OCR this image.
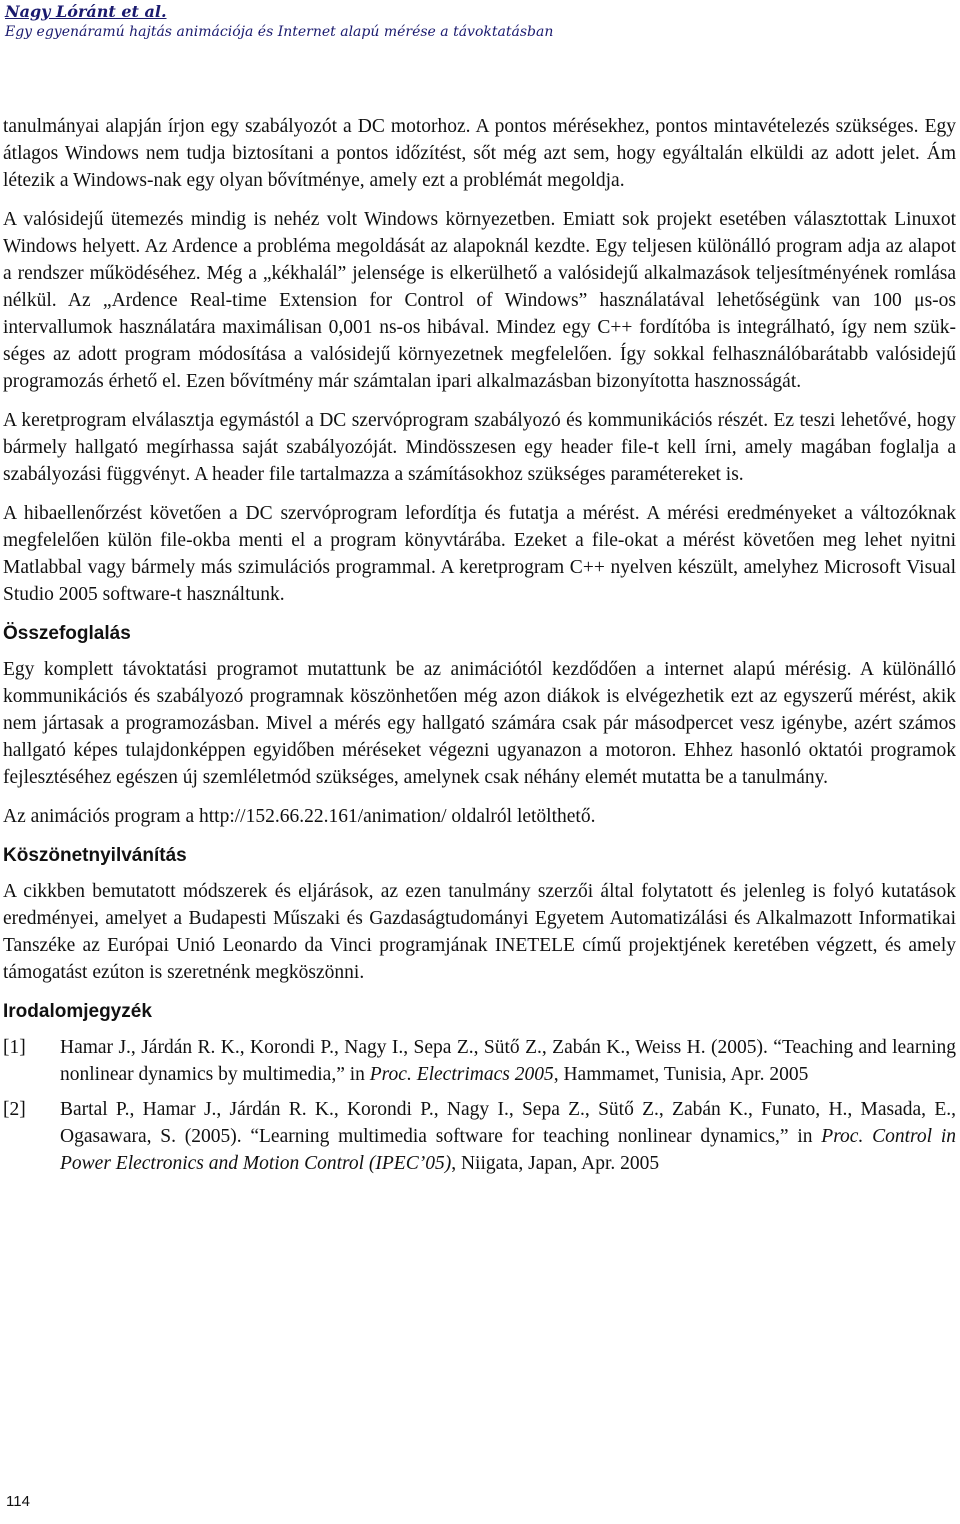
Nagy Lóránt et al.
Egy egyenáramú hajtás animációja és Internet alapú mérése a távoktatásban

tanulmányai alapján írjon egy szabályozót a DC motorhoz. A pontos mérésekhez, pontos mintavételezés szükséges. Egy átlagos Windows nem tudja biztosítani a pontos időzítést, sőt még azt sem, hogy egyáltalán elküldi az adott jelet. Ám létezik a Windows-nak egy olyan bővítménye, amely ezt a problémát megoldja.

A valósidejű ütemezés mindig is nehéz volt Windows környezetben. Emiatt sok projekt esetében választottak Linuxot Windows helyett. Az Ardence a probléma megoldását az alapoknál kezdte. Egy teljesen különálló program adja az alapot a rendszer működéséhez. Még a „kékhalál” jelensége is elkerülhető a valósidejű alkalmazások teljesítményének romlása nélkül. Az „Ardence Real-time Extension for Control of Windows” használatával lehetőségünk van 100 μs-os intervallumok használatára maximálisan 0,001 ns-os hibával. Mindez egy C++ fordítóba is integrálható, így nem szükséges az adott program módosítása a valósidejű környezetnek megfelelően. Így sokkal felhasználóbarátabb valósidejű programozás érhető el. Ezen bővítmény már számtalan ipari alkalmazásban bizonyította hasznosságát.

A keretprogram elválasztja egymástól a DC szervóprogram szabályozó és kommunikációs részét. Ez teszi lehetővé, hogy bármely hallgató megírhassa saját szabályozóját. Mindösszesen egy header file-t kell írni, amely magában foglalja a szabályozási függvényt. A header file tartalmazza a számításokhoz szükséges paramétereket is.

A hibaellenőrzést követően a DC szervóprogram lefordítja és futatja a mérést. A mérési eredményeket a változóknak megfelelően külön file-okba menti el a program könyvtárába. Ezeket a file-okat a mérést követően meg lehet nyitni Matlabbal vagy bármely más szimulációs programmal. A keretprogram C++ nyelven készült, amelyhez Microsoft Visual Studio 2005 software-t használtunk.

Összefoglalás

Egy komplett távoktatási programot mutattunk be az animációtól kezdődően a internet alapú mérésig. A különálló kommunikációs és szabályozó programnak köszönhetően még azon diákok is elvégezhetik ezt az egyszerű mérést, akik nem jártasak a programozásban. Mivel a mérés egy hallgató számára csak pár másodpercet vesz igénybe, azért számos hallgató képes tulajdonképpen egyidőben méréseket végezni ugyanazon a motoron. Ehhez hasonló oktatói programok fejlesztéséhez egészen új szemléletmód szükséges, amelynek csak néhány elemét mutatta be a tanulmány.

Az animációs program a http://152.66.22.161/animation/ oldalról letölthető.

Köszönetnyilvánítás

A cikkben bemutatott módszerek és eljárások, az ezen tanulmány szerzői által folytatott és jelenleg is folyó kutatások eredményei, amelyet a Budapesti Műszaki és Gazdaságtudományi Egyetem Automatizálási és Alkalmazott Informatikai Tanszéke az Európai Unió Leonardo da Vinci programjának INETELE című projektjének keretében végzett, és amely támogatást ezúton is szeretnénk megköszönni.

Irodalomjegyzék
[1]	Hamar J., Járdán R. K., Korondi P., Nagy I., Sepa Z., Sütő Z., Zabán K., Weiss H. (2005). “Teaching and learning nonlinear dynamics by multimedia,” in Proc. Electrimacs 2005, Hammamet, Tunisia, Apr. 2005
[2]	Bartal P., Hamar J., Járdán R. K., Korondi P., Nagy I., Sepa Z., Sütő Z., Zabán K., Funato, H., Masada, E., Ogasawara, S. (2005). “Learning multimedia software for teaching nonlinear dynamics,” in Proc. Control in Power Electronics and Motion Control (IPEC’05), Niigata, Japan, Apr. 2005
114
